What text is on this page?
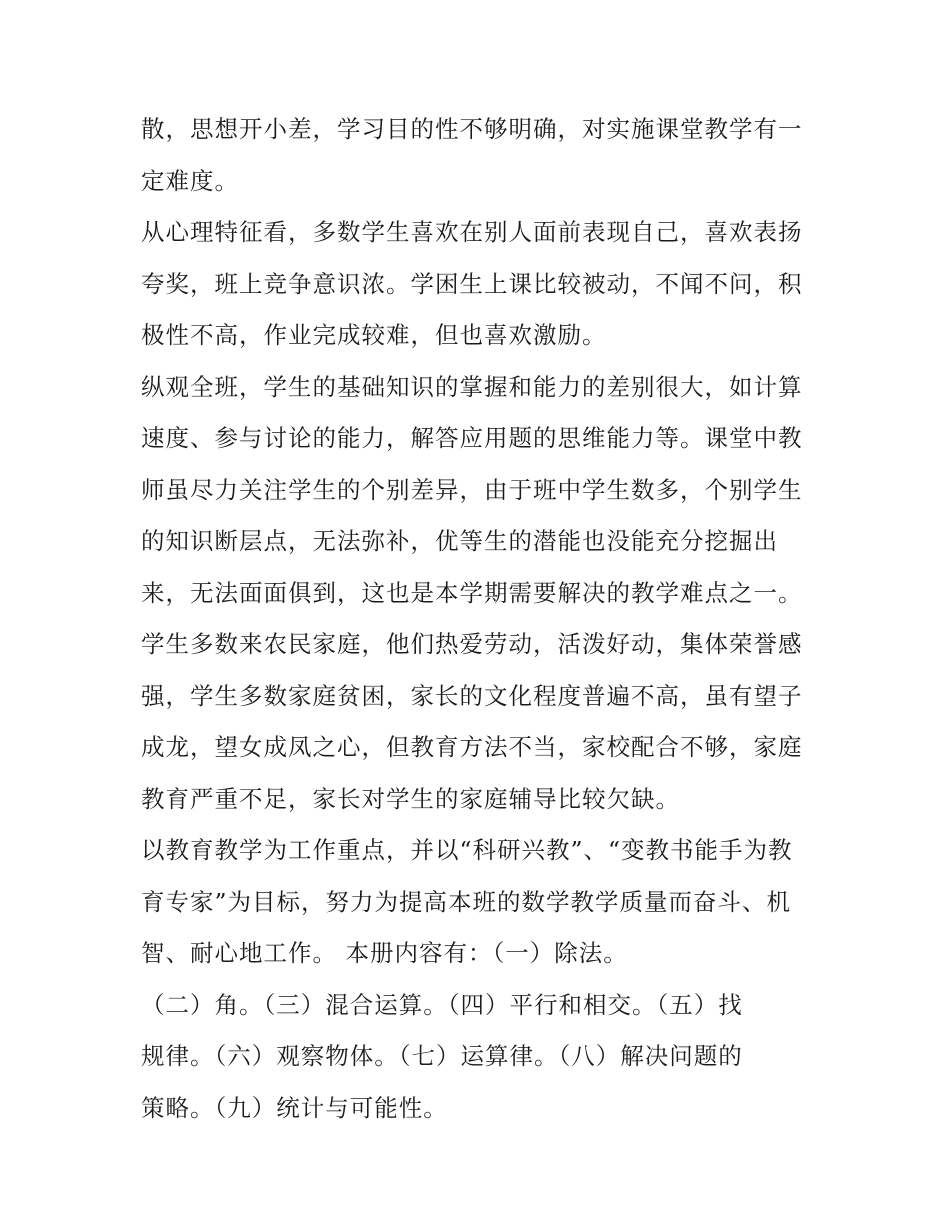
散，思想开小差，学习目的性不够明确，对实施课堂教学有一
定难度。

从心理特征看，多数学生喜欢在别人面前表现自己，喜欢表扬
夸奖，班上竞争意识浓。学困生上课比较被动，不闻不问，积
极性不高，作业完成较难，但也喜欢激励。

纵观全班，学生的基础知识的掌握和能力的差别很大，如计算
速度、参与讨论的能力，解答应用题的思维能力等。课堂中教
师虽尽力关注学生的个别差异，由于班中学生数多，个别学生
的知识断层点，无法弥补，优等生的潜能也没能充分挖掘出
来，无法面面俱到，这也是本学期需要解决的教学难点之一。

学生多数来农民家庭，他们热爱劳动，活泼好动，集体荣誉感
强，学生多数家庭贫困，家长的文化程度普遍不高，虽有望子
成龙，望女成凤之心，但教育方法不当，家校配合不够，家庭
教育严重不足，家长对学生的家庭辅导比较欠缺。

以教育教学为工作重点，并以“科研兴教”、“变教书能手为教
育专家”为目标，努力为提高本班的数学教学质量而奋斗、机
智、耐心地工作。 本册内容有：（一）除法。

（二）角。（三）混合运算。（四）平行和相交。（五）找
规律。（六）观察物体。（七）运算律。（八）解决问题的
策略。（九）统计与可能性。
